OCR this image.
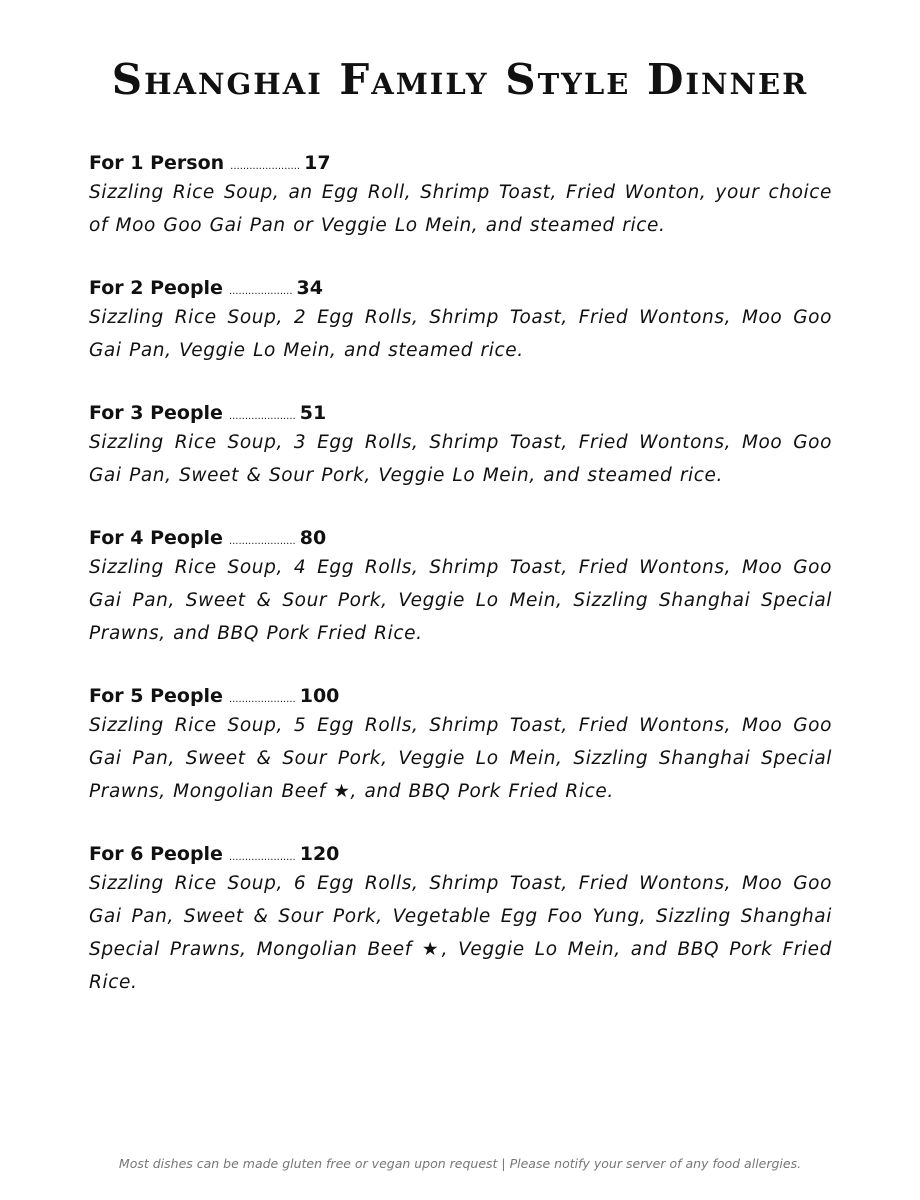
Shanghai Family Style Dinner
For 1 Person ...................... 17
Sizzling Rice Soup, an Egg Roll, Shrimp Toast, Fried Wonton, your choice of Moo Goo Gai Pan or Veggie Lo Mein, and steamed rice.
For 2 People .................... 34
Sizzling Rice Soup, 2 Egg Rolls, Shrimp Toast, Fried Wontons, Moo Goo Gai Pan, Veggie Lo Mein, and steamed rice.
For 3 People ..................... 51
Sizzling Rice Soup, 3 Egg Rolls, Shrimp Toast, Fried Wontons, Moo Goo Gai Pan, Sweet & Sour Pork, Veggie Lo Mein, and steamed rice.
For 4 People ..................... 80
Sizzling Rice Soup, 4 Egg Rolls, Shrimp Toast, Fried Wontons, Moo Goo Gai Pan, Sweet & Sour Pork, Veggie Lo Mein, Sizzling Shanghai Special Prawns, and BBQ Pork Fried Rice.
For 5 People ..................... 100
Sizzling Rice Soup, 5 Egg Rolls, Shrimp Toast, Fried Wontons, Moo Goo Gai Pan, Sweet & Sour Pork, Veggie Lo Mein, Sizzling Shanghai Special Prawns, Mongolian Beef ★, and BBQ Pork Fried Rice.
For 6 People ..................... 120
Sizzling Rice Soup, 6 Egg Rolls, Shrimp Toast, Fried Wontons, Moo Goo Gai Pan, Sweet & Sour Pork, Vegetable Egg Foo Yung, Sizzling Shanghai Special Prawns, Mongolian Beef ★, Veggie Lo Mein, and BBQ Pork Fried Rice.
Most dishes can be made gluten free or vegan upon request | Please notify your server of any food allergies.
